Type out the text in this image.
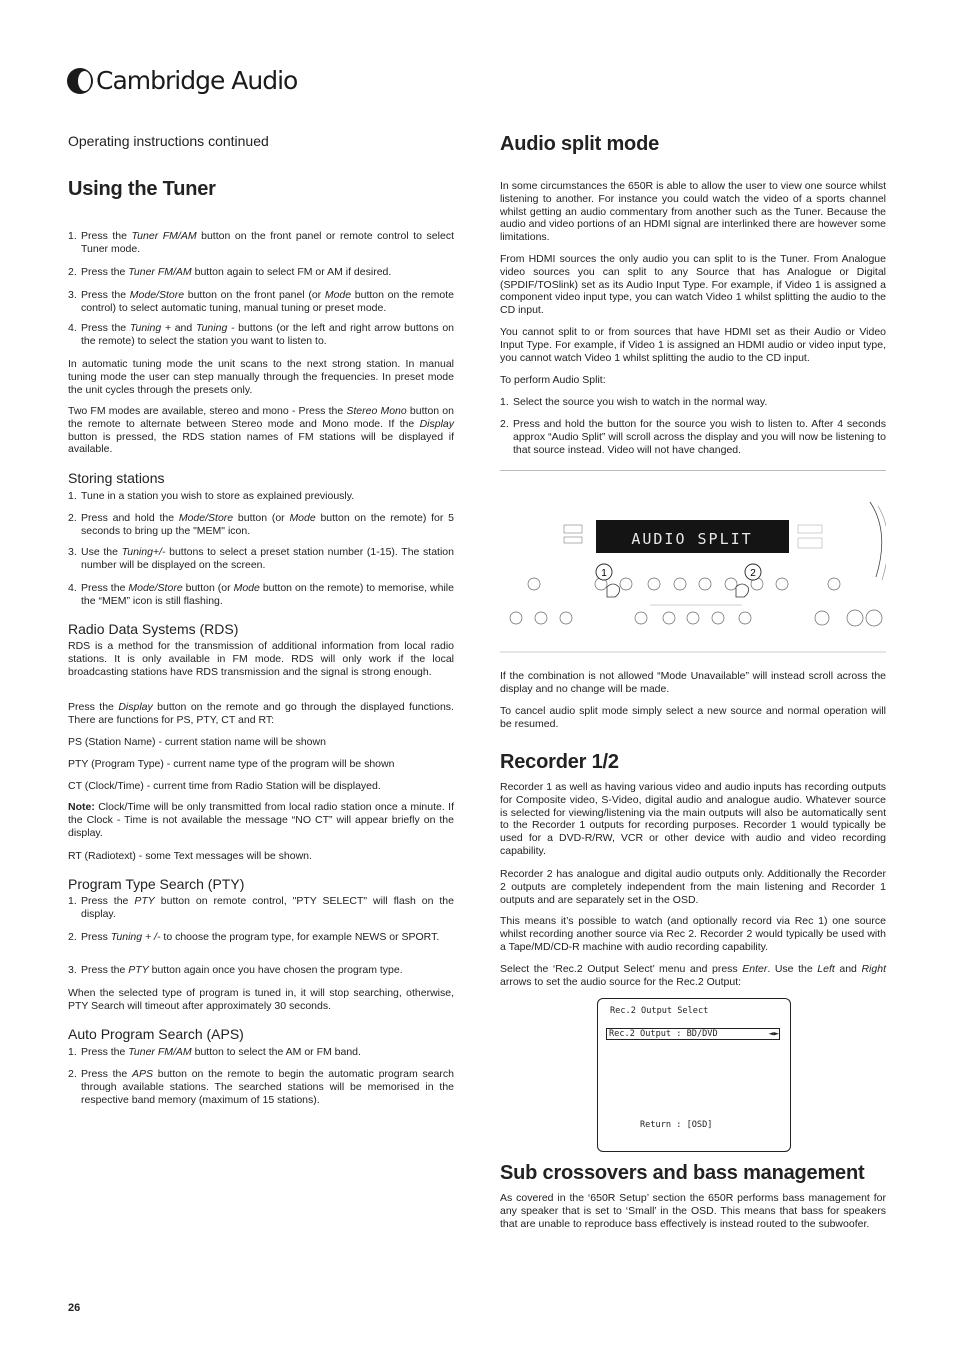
Cambridge Audio
Operating instructions continued
Using the Tuner
1. Press the Tuner FM/AM button on the front panel or remote control to select Tuner mode.
2. Press the Tuner FM/AM button again to select FM or AM if desired.
3. Press the Mode/Store button on the front panel (or Mode button on the remote control) to select automatic tuning, manual tuning or preset mode.
4. Press the Tuning + and Tuning - buttons (or the left and right arrow buttons on the remote) to select the station you want to listen to.

In automatic tuning mode the unit scans to the next strong station. In manual tuning mode the user can step manually through the frequencies. In preset mode the unit cycles through the presets only.

Two FM modes are available, stereo and mono - Press the Stereo Mono button on the remote to alternate between Stereo mode and Mono mode. If the Display button is pressed, the RDS station names of FM stations will be displayed if available.

Storing stations
1. Tune in a station you wish to store as explained previously.
2. Press and hold the Mode/Store button (or Mode button on the remote) for 5 seconds to bring up the "MEM" icon.
3. Use the Tuning+/- buttons to select a preset station number (1-15). The station number will be displayed on the screen.
4. Press the Mode/Store button (or Mode button on the remote) to memorise, while the “MEM” icon is still flashing.
Radio Data Systems (RDS)

RDS is a method for the transmission of additional information from local radio stations. It is only available in FM mode. RDS will only work if the local broadcasting stations have RDS transmission and the signal is strong enough.

Press the Display button on the remote and go through the displayed functions. There are functions for PS, PTY, CT and RT:

PS (Station Name) - current station name will be shown

PTY (Program Type) - current name type of the program will be shown

CT (Clock/Time) - current time from Radio Station will be displayed.

Note: Clock/Time will be only transmitted from local radio station once a minute. If the Clock - Time is not available the message “NO CT” will appear briefly on the display.

RT (Radiotext) - some Text messages will be shown.

Program Type Search (PTY)
1. Press the PTY button on remote control, "PTY SELECT" will flash on the display.
2. Press Tuning + /- to choose the program type, for example NEWS or SPORT.
3. Press the PTY button again once you have chosen the program type.

When the selected type of program is tuned in, it will stop searching, otherwise, PTY Search will timeout after approximately 30 seconds.

Auto Program Search (APS)
1. Press the Tuner FM/AM button to select the AM or FM band.
2. Press the APS button on the remote to begin the automatic program search through available stations. The searched stations will be memorised in the respective band memory (maximum of 15 stations).
Audio split mode

In some circumstances the 650R is able to allow the user to view one source whilst listening to another. For instance you could watch the video of a sports channel whilst getting an audio commentary from another such as the Tuner. Because the audio and video portions of an HDMI signal are interlinked there are however some limitations.

From HDMI sources the only audio you can split to is the Tuner. From Analogue video sources you can split to any Source that has Analogue or Digital (SPDIF/TOSlink) set as its Audio Input Type. For example, if Video 1 is assigned a component video input type, you can watch Video 1 whilst splitting the audio to the CD input.

You cannot split to or from sources that have HDMI set as their Audio or Video Input Type. For example, if Video 1 is assigned an HDMI audio or video input type, you cannot watch Video 1 whilst splitting the audio to the CD input.

To perform Audio Split:

1. Select the source you wish to watch in the normal way.
2. Press and hold the button for the source you wish to listen to. After 4 seconds approx “Audio Split” will scroll across the display and you will now be listening to that source instead. Video will not have changed.

If the combination is not allowed “Mode Unavailable” will instead scroll across the display and no change will be made.

To cancel audio split mode simply select a new source and normal operation will be resumed.

Recorder 1/2

Recorder 1 as well as having various video and audio inputs has recording outputs for Composite video, S-Video, digital audio and analogue audio. Whatever source is selected for viewing/listening via the main outputs will also be automatically sent to the Recorder 1 outputs for recording purposes. Recorder 1 would typically be used for a DVD-R/RW, VCR or other device with audio and video recording capability.

Recorder 2 has analogue and digital audio outputs only. Additionally the Recorder 2 outputs are completely independent from the main listening and Recorder 1 outputs and are separately set in the OSD.

This means it’s possible to watch (and optionally record via Rec 1) one source whilst recording another source via Rec 2. Recorder 2 would typically be used with a Tape/MD/CD-R machine with audio recording capability.

Select the ‘Rec.2 Output Select’ menu and press Enter. Use the Left and Right arrows to set the audio source for the Rec.2 Output:

Sub crossovers and bass management

As covered in the ‘650R Setup’ section the 650R performs bass management for any speaker that is set to ‘Small’ in the OSD. This means that bass for speakers that are unable to reproduce bass effectively is instead routed to the subwoofer.

AUDIO SPLIT
1	2
Rec.2 Output Select
Rec.2 Output : BD/DVD	◄►
Return : [OSD]
26
